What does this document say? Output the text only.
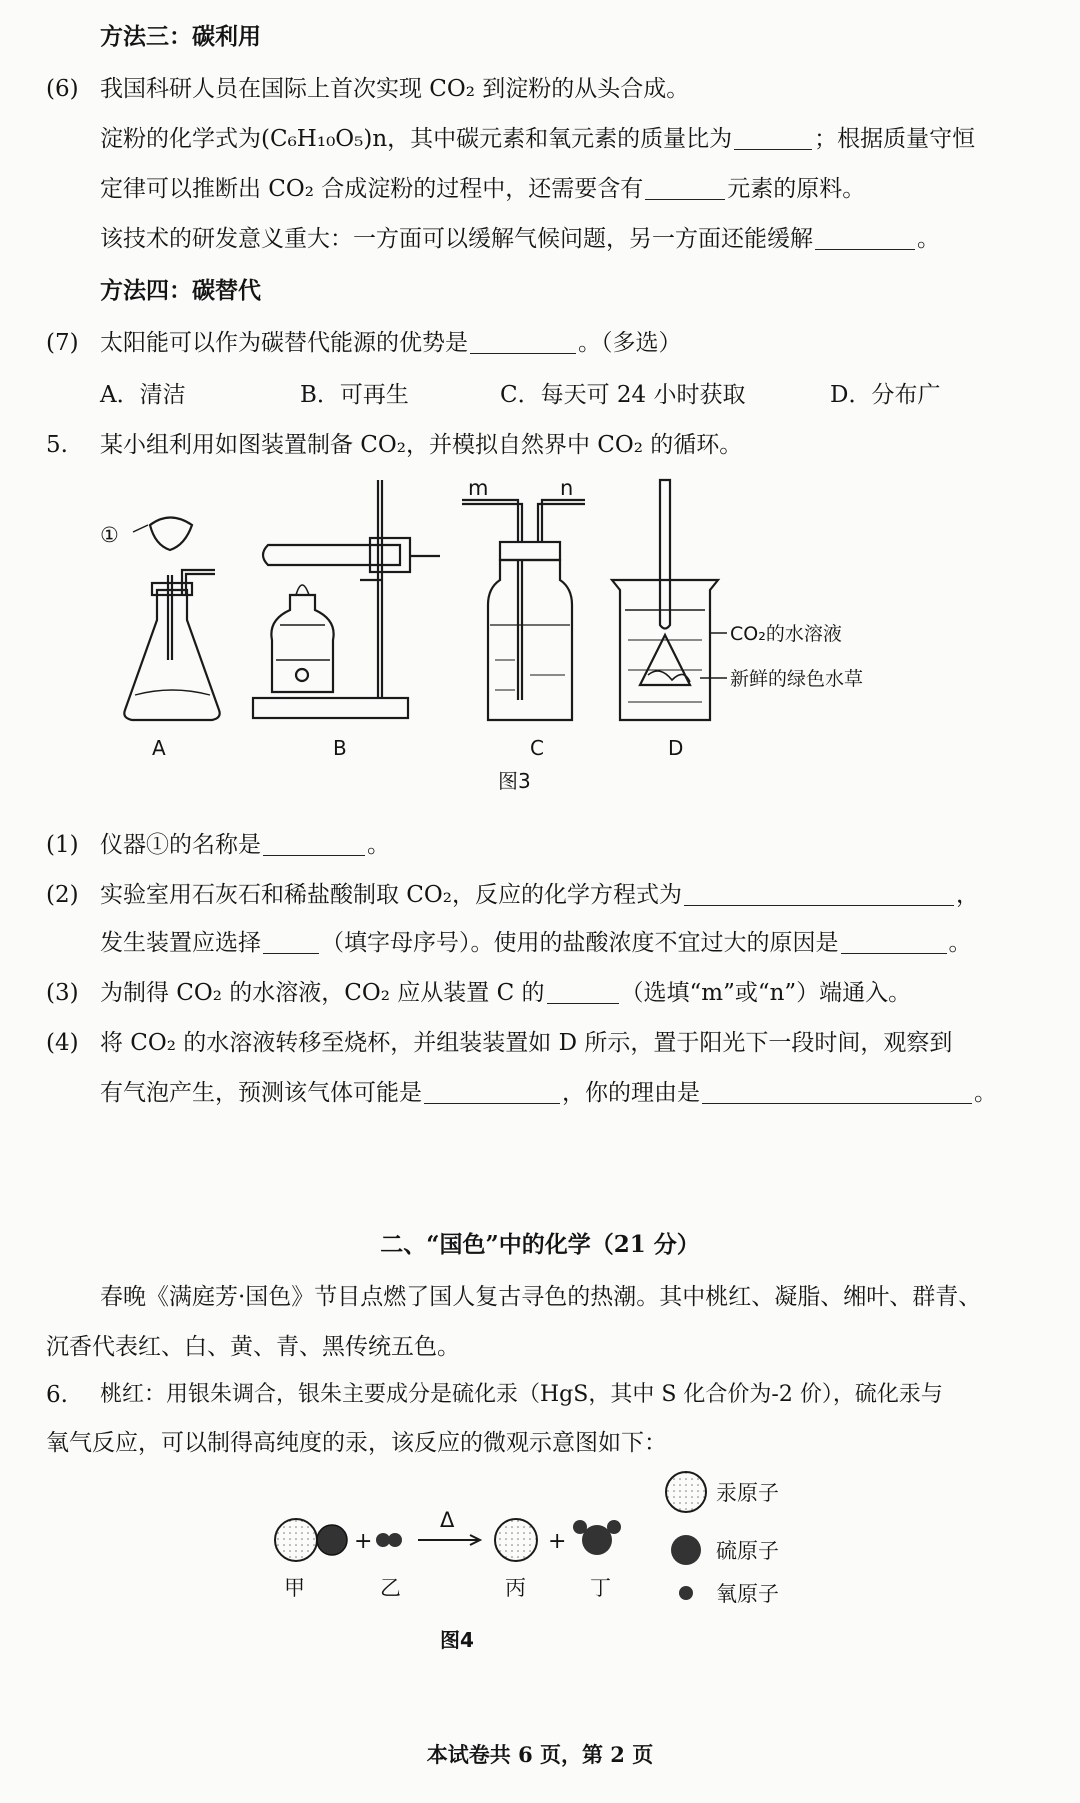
方法三：碳利用
(6) 我国科研人员在国际上首次实现 CO₂ 到淀粉的从头合成。
淀粉的化学式为(C₆H₁₀O₅)n，其中碳元素和氧元素的质量比为	；根据质量守恒
定律可以推断出 CO₂ 合成淀粉的过程中，还需要含有	元素的原料。
该技术的研发意义重大：一方面可以缓解气候问题，另一方面还能缓解	。
方法四：碳替代
(7) 太阳能可以作为碳替代能源的优势是	。（多选）
A．清洁	B．可再生	C．每天可 24 小时获取	D．分布广
5. 某小组利用如图装置制备 CO₂，并模拟自然界中 CO₂ 的循环。
①
m	n
A	B	C	D
CO₂的水溶液
新鲜的绿色水草
图3
(1) 仪器①的名称是	。
(2) 实验室用石灰石和稀盐酸制取 CO₂，反应的化学方程式为	，
发生装置应选择	（填字母序号）。使用的盐酸浓度不宜过大的原因是	。
(3) 为制得 CO₂ 的水溶液，CO₂ 应从装置 C 的	（选填“m”或“n”）端通入。
(4) 将 CO₂ 的水溶液转移至烧杯，并组装装置如 D 所示，置于阳光下一段时间，观察到
有气泡产生，预测该气体可能是	，你的理由是	。
二、“国色”中的化学（21 分）
春晚《满庭芳·国色》节目点燃了国人复古寻色的热潮。其中桃红、凝脂、缃叶、群青、
沉香代表红、白、黄、青、黑传统五色。
6. 桃红：用银朱调合，银朱主要成分是硫化汞（HgS，其中 S 化合价为-2 价），硫化汞与
氧气反应，可以制得高纯度的汞，该反应的微观示意图如下：
+
Δ
+
甲	乙	丙	丁
汞原子
硫原子
氧原子
图4
本试卷共 6 页，第 2 页
